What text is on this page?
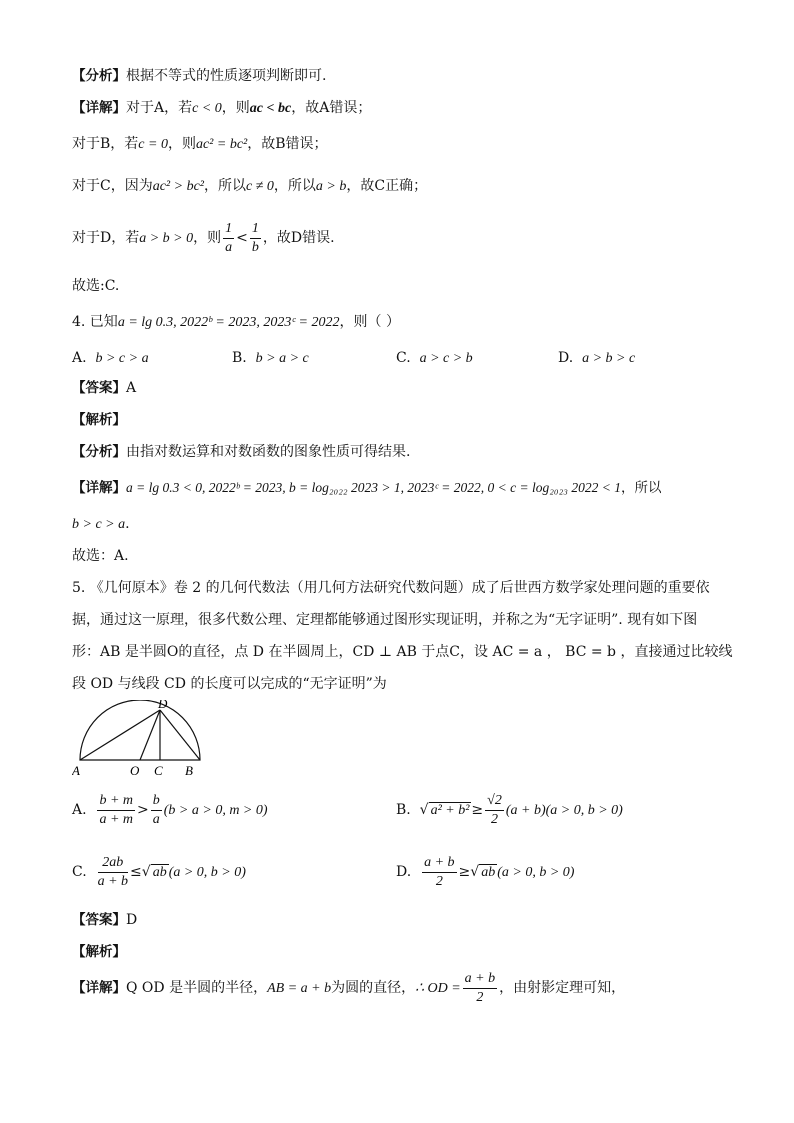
【分析】根据不等式的性质逐项判断即可.
【详解】对于A，若c < 0，则ac < bc，故A错误；
对于B，若c = 0，则ac² = bc²，故B错误；
对于C，因为ac² > bc²，所以c ≠ 0，所以a > b，故C正确；
对于D，若a > b > 0，则 $\frac{1}{a} < \frac{1}{b}$ ，故D错误.
故选:C.
4. 已知a = lg 0.3, 2022ᵇ = 2023, 2023ᶜ = 2022，则（ ）
A. b > c > a	B. b > a > c	C. a > c > b	D. a > b > c
【答案】A
【解析】
【分析】由指对数运算和对数函数的图象性质可得结果.
【详解】a = lg 0.3 < 0, 2022ᵇ = 2023, b = log₂₀₂₂ 2023 > 1, 2023ᶜ = 2022, 0 < c = log₂₀₂₃ 2022 < 1，所以
b > c > a.
故选：A.
5. 《几何原本》卷 2 的几何代数法（用几何方法研究代数问题）成了后世西方数学家处理问题的重要依
据，通过这一原理，很多代数公理、定理都能够通过图形实现证明，并称之为“无字证明”. 现有如下图
形：AB 是半圆O的直径，点 D 在半圆周上，CD ⊥ AB 于点C，设 AC = a ， BC = b ，直接通过比较线
段 OD 与线段 CD 的长度可以完成的“无字证明”为
D
A	O C B
A. $\frac{b + m}{a + m} > \frac{b}{a} (b > a > 0$, m > 0)	B. √ $a^2 + b^2 \ge \frac{√2}{2} (a + b)(a > 0$, b > 0)
C. $\frac{2ab}{a + b}$ ≤√ ab (a > 0, b > 0)	D. $\frac{a + b}{2}$ ≥√ ab (a > 0, b > 0)
【答案】D
【解析】
【详解】Q OD 是半圆的半径，AB = a + b为圆的直径，∴ OD = $\frac{a + b}{2}$ ，由射影定理可知，
